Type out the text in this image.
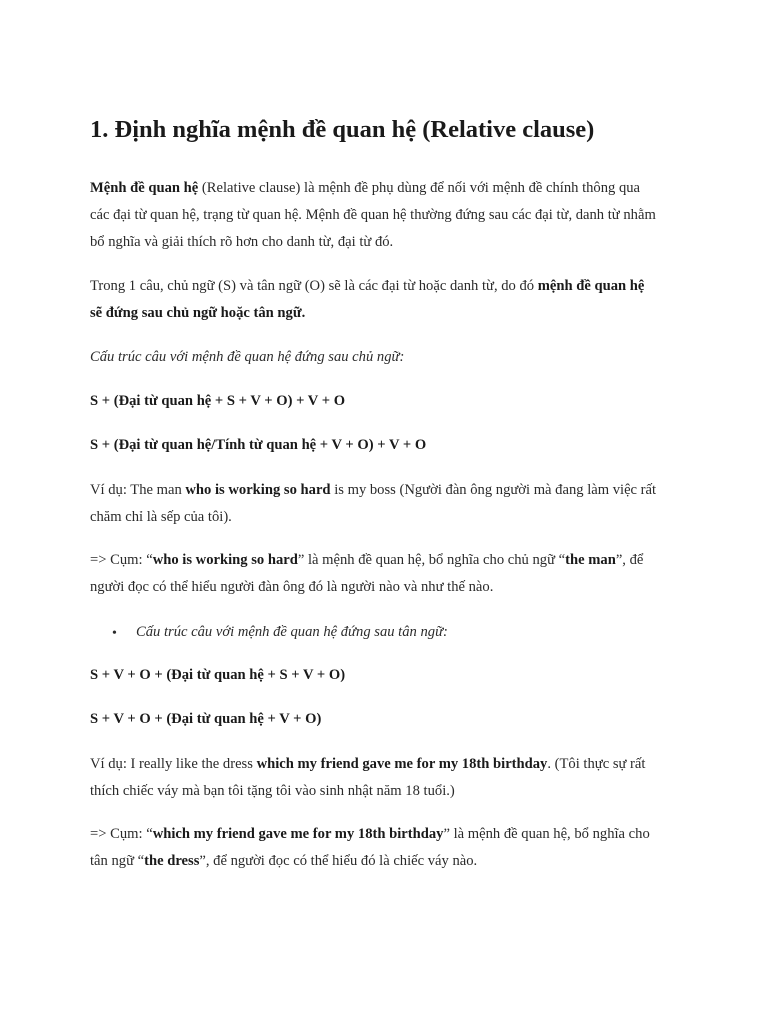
1. Định nghĩa mệnh đề quan hệ (Relative clause)

Mệnh đề quan hệ (Relative clause) là mệnh đề phụ dùng để nối với mệnh đề chính thông qua

các đại từ quan hệ, trạng từ quan hệ. Mệnh đề quan hệ thường đứng sau các đại từ, danh từ nhằm

bổ nghĩa và giải thích rõ hơn cho danh từ, đại từ đó.

Trong 1 câu, chủ ngữ (S) và tân ngữ (O) sẽ là các đại từ hoặc danh từ, do đó mệnh đề quan hệ

sẽ đứng sau chủ ngữ hoặc tân ngữ.

Cấu trúc câu với mệnh đề quan hệ đứng sau chủ ngữ:

S + (Đại từ quan hệ + S + V + O) + V + O

S + (Đại từ quan hệ/Tính từ quan hệ + V + O) + V + O

Ví dụ: The man who is working so hard is my boss (Người đàn ông người mà đang làm việc rất

chăm chỉ là sếp của tôi).

=> Cụm: “who is working so hard” là mệnh đề quan hệ, bổ nghĩa cho chủ ngữ “the man”, để

người đọc có thể hiểu người đàn ông đó là người nào và như thế nào.

• Cấu trúc câu với mệnh đề quan hệ đứng sau tân ngữ:

S + V + O + (Đại từ quan hệ + S + V + O)

S + V + O + (Đại từ quan hệ + V + O)

Ví dụ: I really like the dress which my friend gave me for my 18th birthday. (Tôi thực sự rất

thích chiếc váy mà bạn tôi tặng tôi vào sinh nhật năm 18 tuổi.)

=> Cụm: “which my friend gave me for my 18th birthday” là mệnh đề quan hệ, bổ nghĩa cho

tân ngữ “the dress”, để người đọc có thể hiểu đó là chiếc váy nào.
